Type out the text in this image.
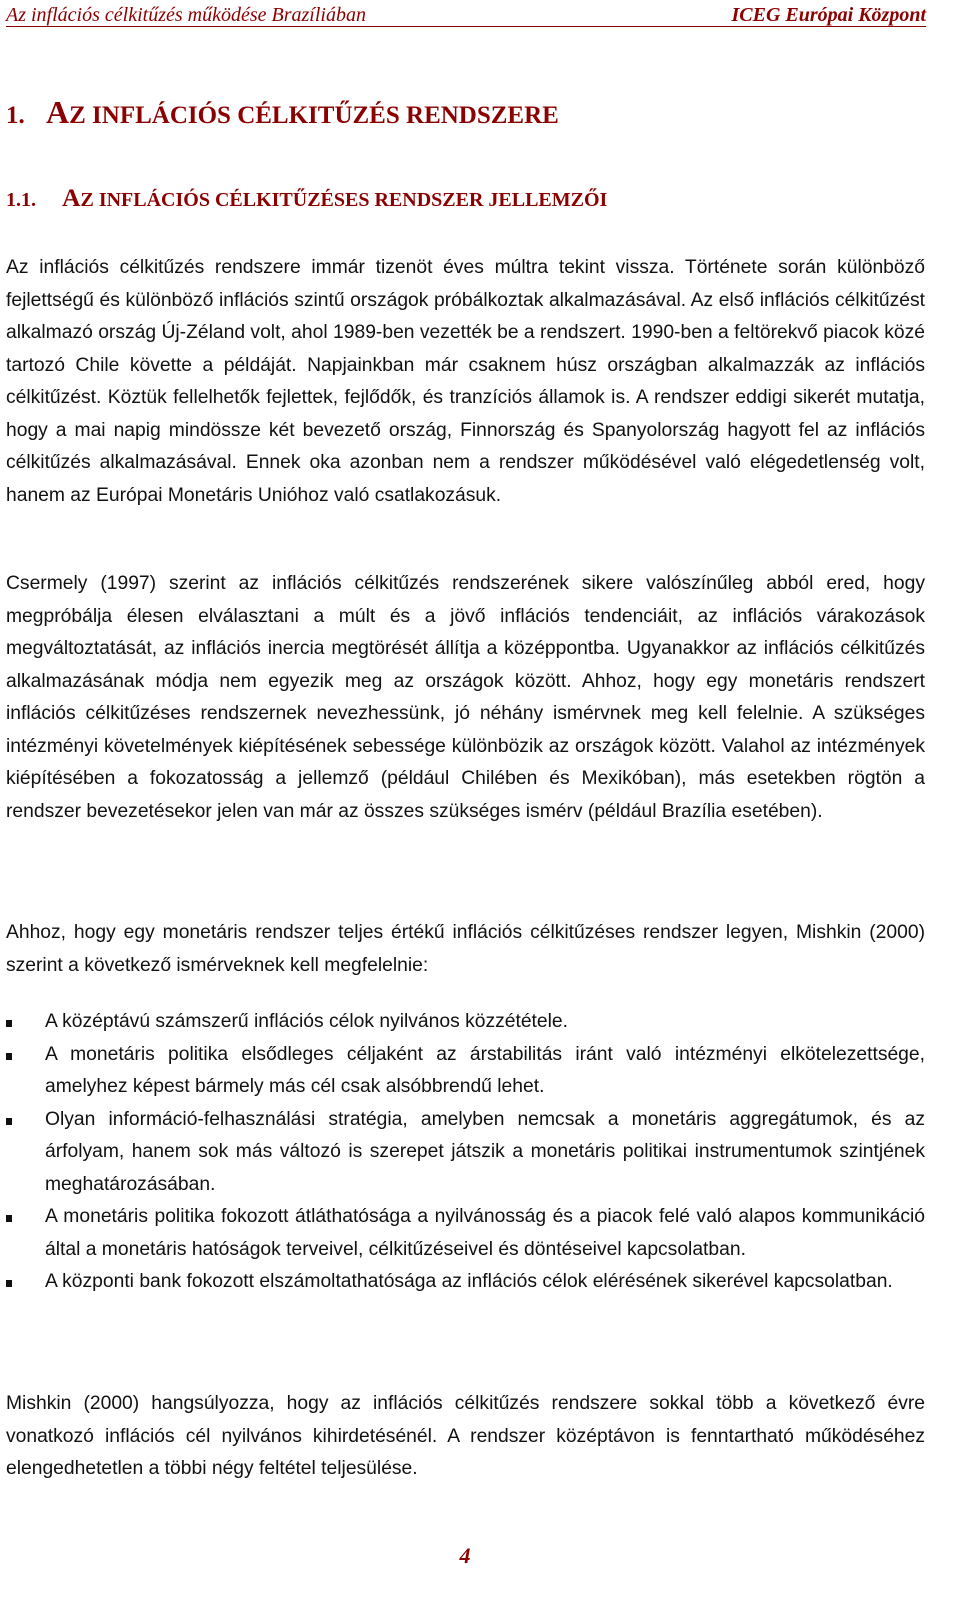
Az inflációs célkitűzés működése Brazíliában	ICEG Európai Központ
1. AZ INFLÁCIÓS CÉLKITŰZÉS RENDSZERE
1.1. AZ INFLÁCIÓS CÉLKITŰZÉSES RENDSZER JELLEMZŐI

Az inflációs célkitűzés rendszere immár tizenöt éves múltra tekint vissza. Története során különböző fejlettségű és különböző inflációs szintű országok próbálkoztak alkalmazásával. Az első inflációs célkitűzést alkalmazó ország Új-Zéland volt, ahol 1989-ben vezették be a rendszert. 1990-ben a feltörekvő piacok közé tartozó Chile követte a példáját. Napjainkban már csaknem húsz országban alkalmazzák az inflációs célkitűzést. Köztük fellelhetők fejlettek, fejlődők, és tranzíciós államok is. A rendszer eddigi sikerét mutatja, hogy a mai napig mindössze két bevezető ország, Finnország és Spanyolország hagyott fel az inflációs célkitűzés alkalmazásával. Ennek oka azonban nem a rendszer működésével való elégedetlenség volt, hanem az Európai Monetáris Unióhoz való csatlakozásuk.

Csermely (1997) szerint az inflációs célkitűzés rendszerének sikere valószínűleg abból ered, hogy megpróbálja élesen elválasztani a múlt és a jövő inflációs tendenciáit, az inflációs várakozások megváltoztatását, az inflációs inercia megtörését állítja a középpontba. Ugyanakkor az inflációs célkitűzés alkalmazásának módja nem egyezik meg az országok között. Ahhoz, hogy egy monetáris rendszert inflációs célkitűzéses rendszernek nevezhessünk, jó néhány ismérvnek meg kell felelnie. A szükséges intézményi követelmények kiépítésének sebessége különbözik az országok között. Valahol az intézmények kiépítésében a fokozatosság a jellemző (például Chilében és Mexikóban), más esetekben rögtön a rendszer bevezetésekor jelen van már az összes szükséges ismérv (például Brazília esetében).

Ahhoz, hogy egy monetáris rendszer teljes értékű inflációs célkitűzéses rendszer legyen, Mishkin (2000) szerint a következő ismérveknek kell megfelelnie:

A középtávú számszerű inflációs célok nyilvános közzététele.
A monetáris politika elsődleges céljaként az árstabilitás iránt való intézményi elkötelezettsége, amelyhez képest bármely más cél csak alsóbbrendű lehet.
Olyan információ-felhasználási stratégia, amelyben nemcsak a monetáris aggregátumok, és az árfolyam, hanem sok más változó is szerepet játszik a monetáris politikai instrumentumok szintjének meghatározásában.
A monetáris politika fokozott átláthatósága a nyilvánosság és a piacok felé való alapos kommunikáció által a monetáris hatóságok terveivel, célkitűzéseivel és döntéseivel kapcsolatban.
A központi bank fokozott elszámoltathatósága az inflációs célok elérésének sikerével kapcsolatban.

Mishkin (2000) hangsúlyozza, hogy az inflációs célkitűzés rendszere sokkal több a következő évre vonatkozó inflációs cél nyilvános kihirdetésénél. A rendszer középtávon is fenntartható működéséhez elengedhetetlen a többi négy feltétel teljesülése.

4
